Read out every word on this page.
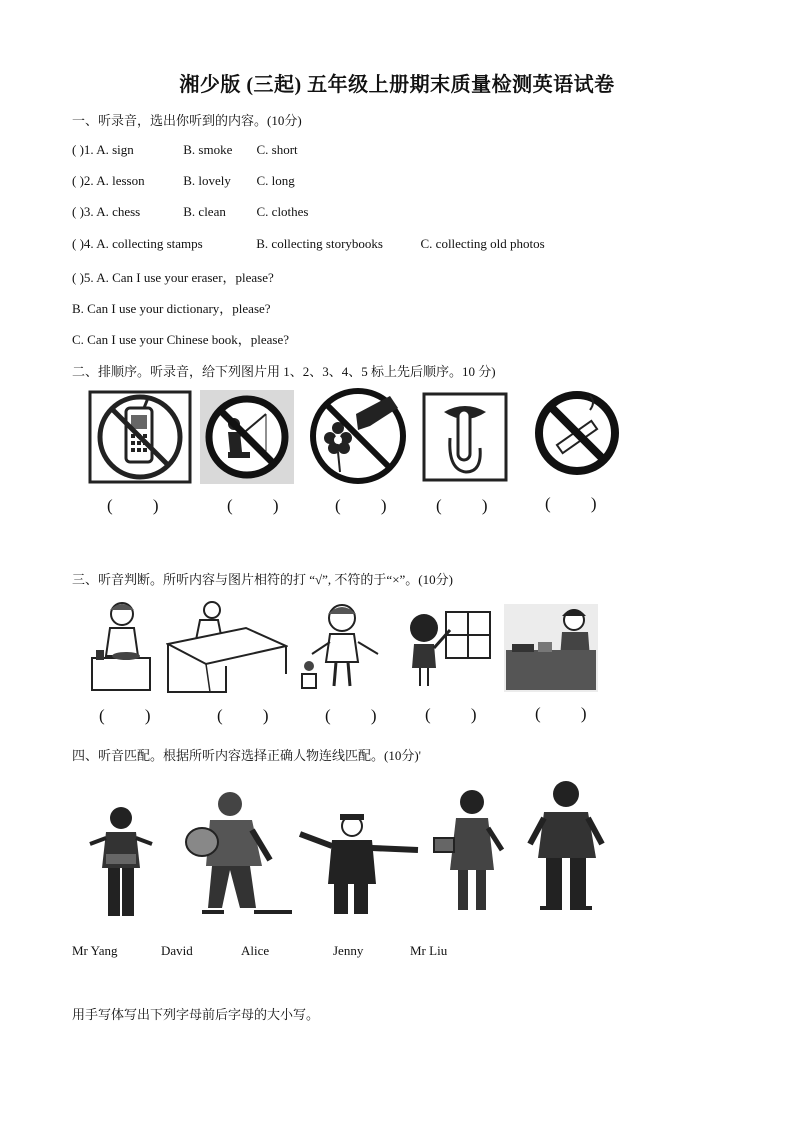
湘少版 (三起) 五年级上册期末质量检测英语试卷
一、听录音，选出你听到的内容。(10分)
( )1. A. sign	B. smoke C. short
( )2. A. lesson	B. lovely C. long
( )3. A. chess	B. clean C. clothes
( )4. A. collecting stamps	B. collecting storybooks	C. collecting old photos
( )5. A. Can I use your eraser，please?
B. Can I use your dictionary，please?
C. Can I use your Chinese book，please?
二、排顺序。听录音，给下列图片用 1、2、3、4、5 标上先后顺序。10 分)
( )	( ) ( ) ( ) ( )
三、听音判断。所听内容与图片相符的打 “√”, 不符的于“×”。(10分)
( )	( ) ( ) ( ) ( )
四、听音匹配。根据所听内容选择正确人物连线匹配。(10分)'
Mr Yang	David	Alice	Jenny	Mr Liu
用手写体写出下列字母前后字母的大小写。
